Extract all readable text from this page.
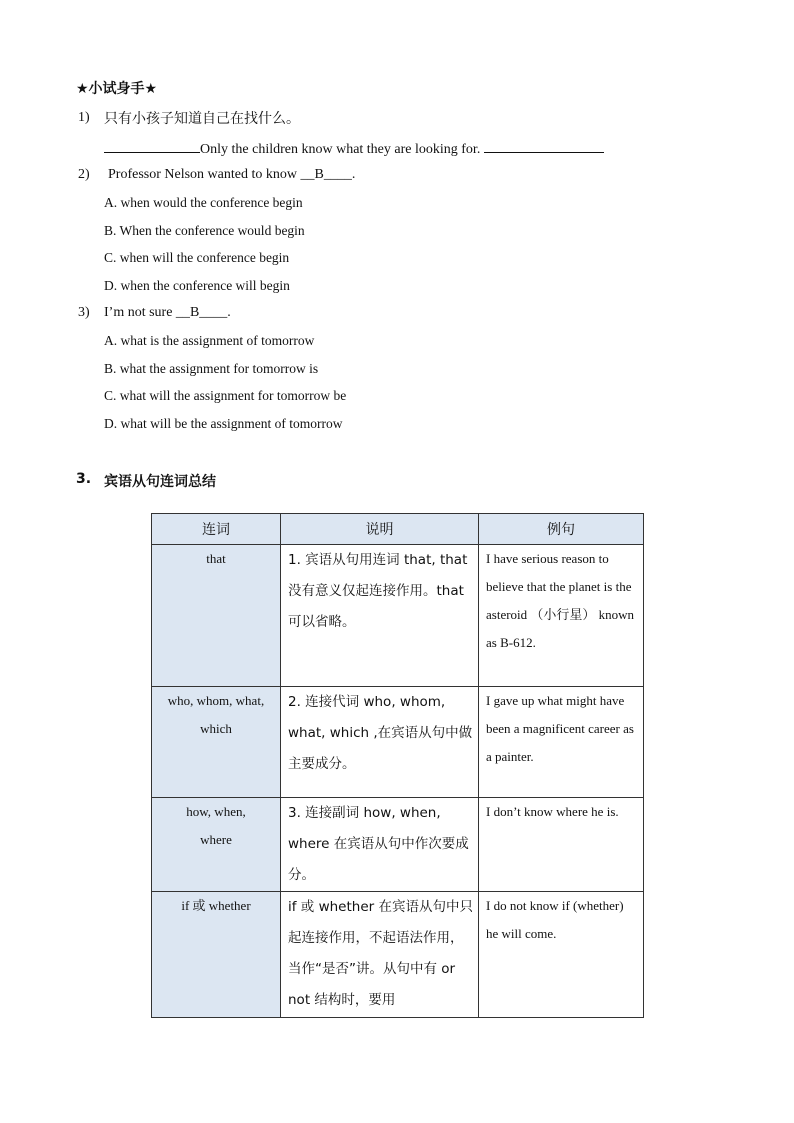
★小试身手★
1) 只有小孩子知道自己在找什么。
Only the children know what they are looking for.
2) Professor Nelson wanted to know __B____.
A. when would the conference begin
B. When the conference would begin
C. when will the conference begin
D. when the conference will begin
3) I’m not sure __B____.
A. what is the assignment of tomorrow
B. what the assignment for tomorrow is
C. what will the assignment for tomorrow be
D. what will be the assignment of tomorrow
3. 宾语从句连词总结
连词	说明	例句

that	1. 宾语从句用连词 that, that 没有意义仅起连接作用。that 可以省略。	I have serious reason to believe that the planet is the asteroid （小行星） known as B-612.

who, whom, what, which	2. 连接代词 who, whom, what, which ,在宾语从句中做主要成分。	I gave up what might have been a magnificent career as a painter.

how, when, where	3. 连接副词 how, when, where 在宾语从句中作次要成分。	I don’t know where he is.

if 或 whether	if 或 whether 在宾语从句中只起连接作用，不起语法作用，当作“是否”讲。从句中有 or not 结构时，要用	I do not know if (whether) he will come.
